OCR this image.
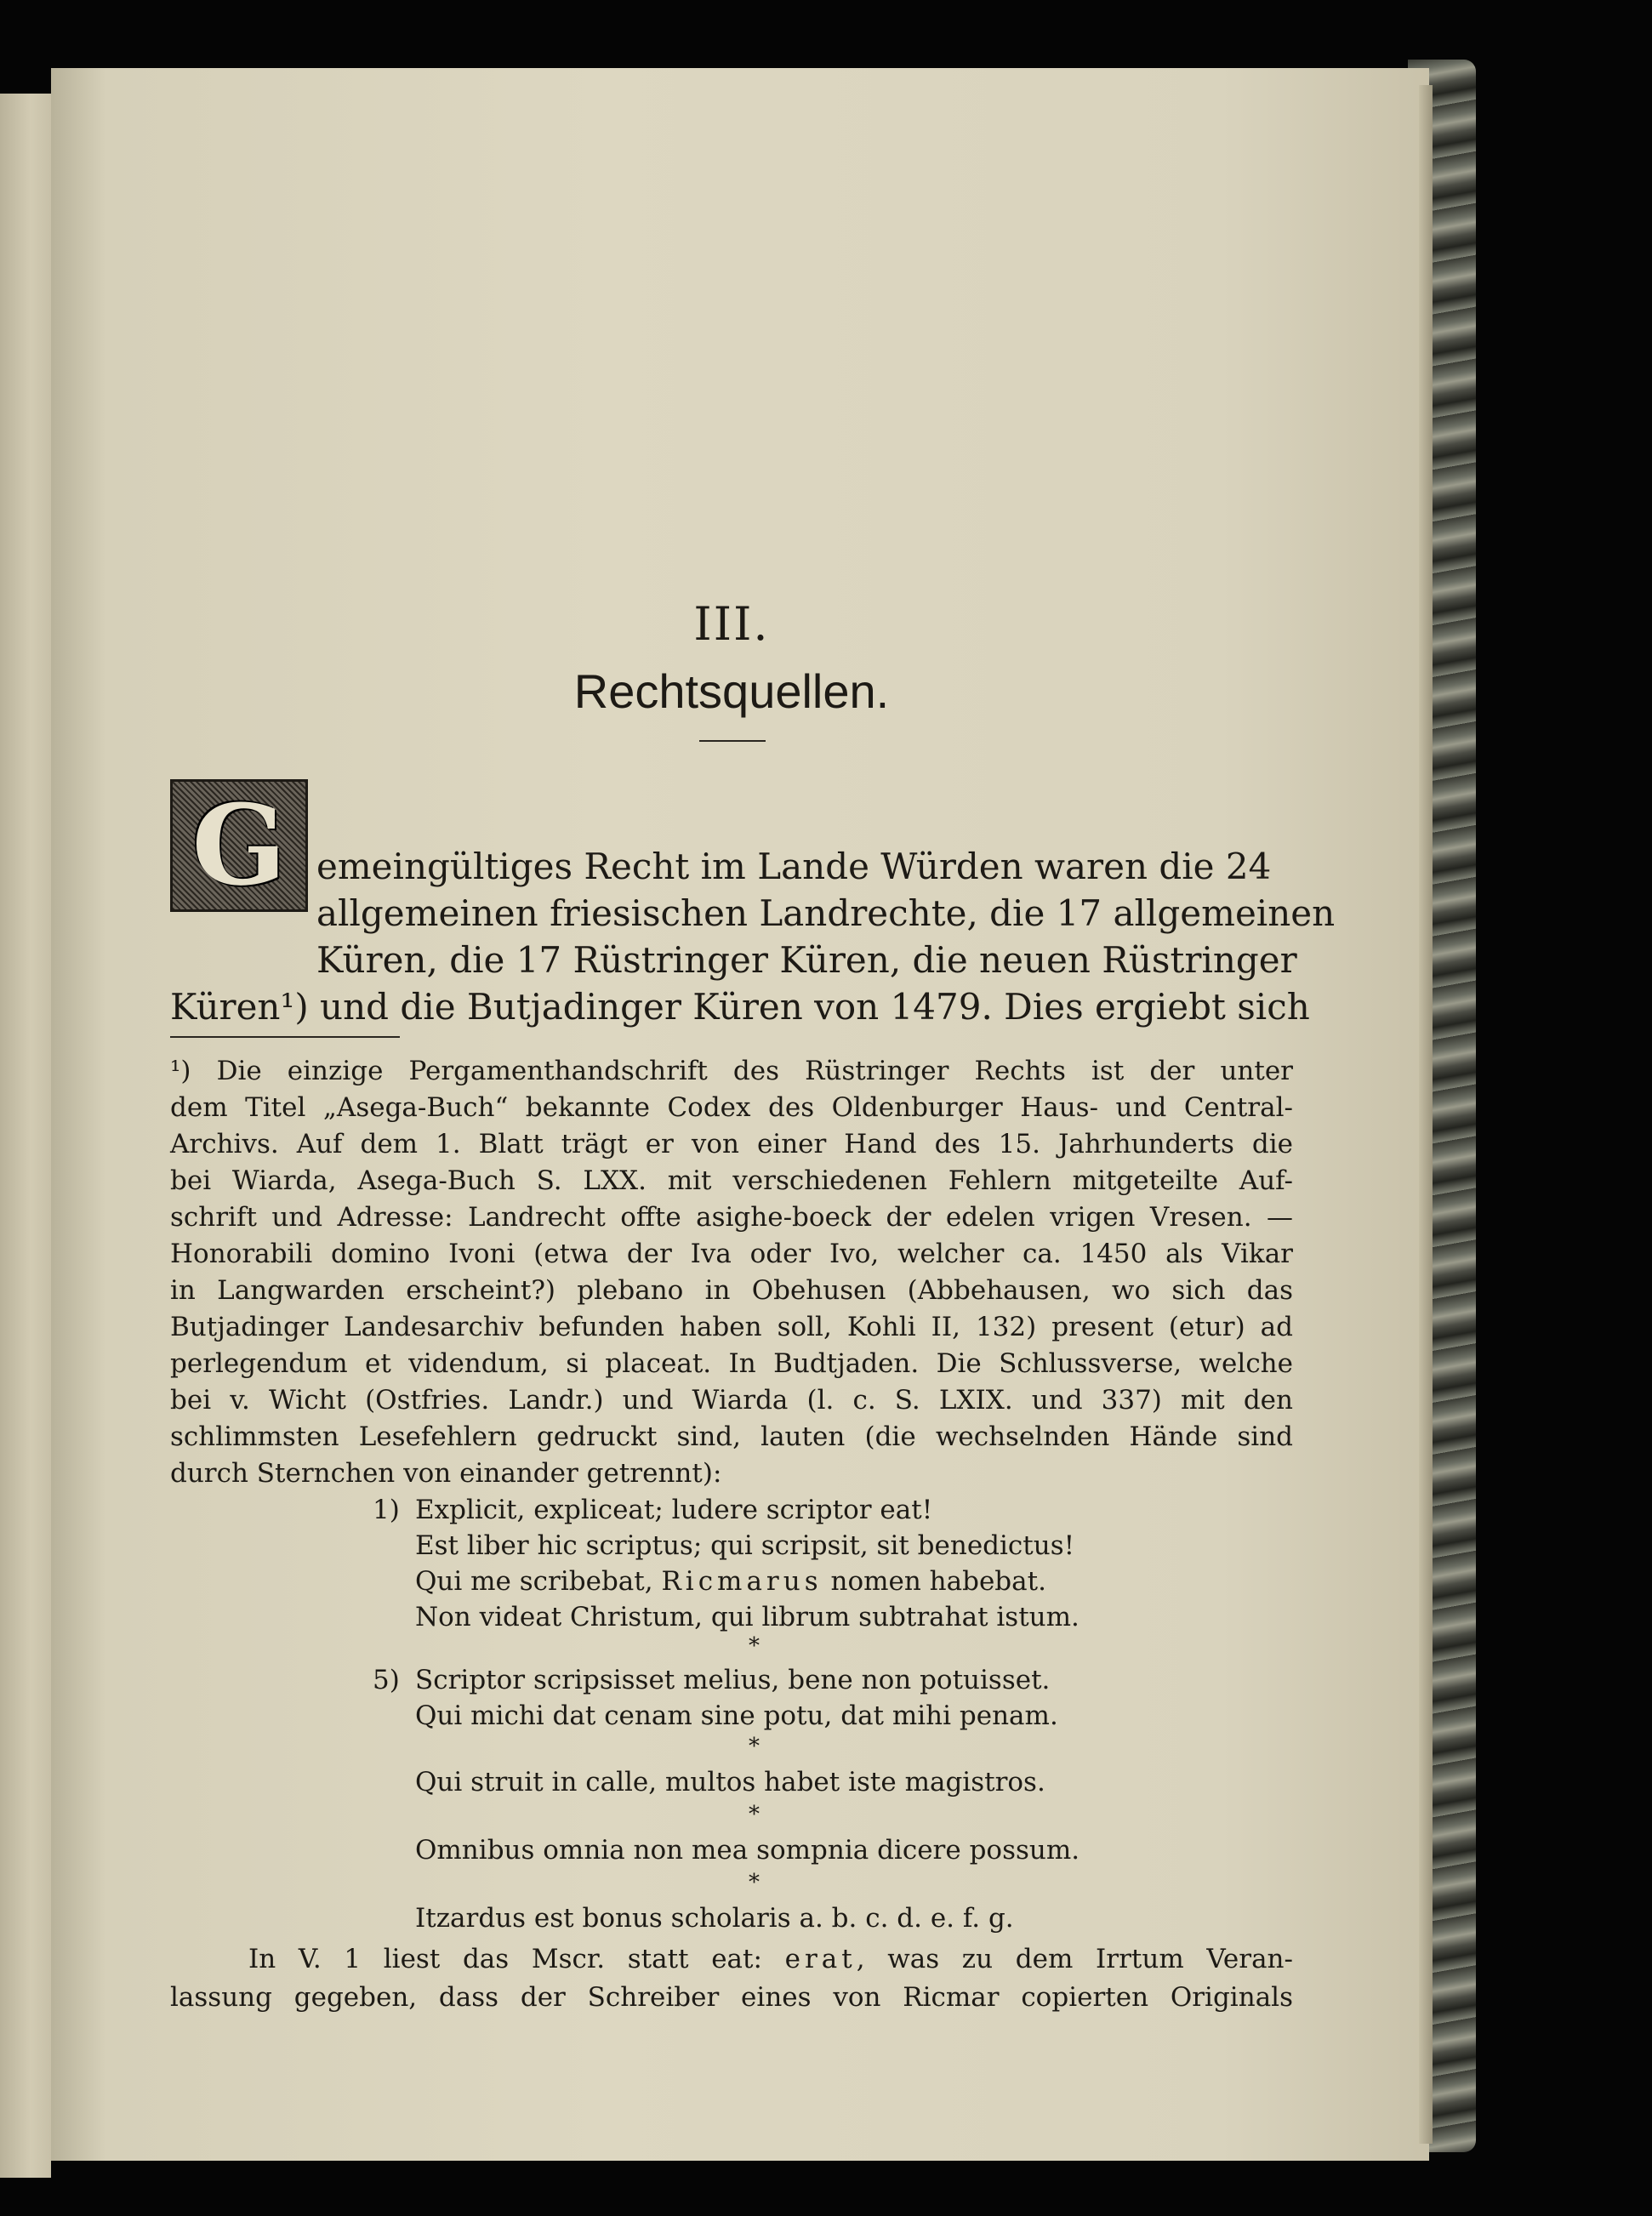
III.
Rechtsquellen.
G emeingültiges Recht im Lande Würden waren die 24
allgemeinen friesischen Landrechte, die 17 allgemeinen
Küren, die 17 Rüstringer Küren, die neuen Rüstringer
Küren¹) und die Butjadinger Küren von 1479. Dies ergiebt sich
¹) Die einzige Pergamenthandschrift des Rüstringer Rechts ist der unter
dem Titel „Asega-Buch“ bekannte Codex des Oldenburger Haus- und Central-
Archivs. Auf dem 1. Blatt trägt er von einer Hand des 15. Jahrhunderts die
bei Wiarda, Asega-Buch S. LXX. mit verschiedenen Fehlern mitgeteilte Auf-
schrift und Adresse: Landrecht offte asighe-boeck der edelen vrigen Vresen. —
Honorabili domino Ivoni (etwa der Iva oder Ivo, welcher ca. 1450 als Vikar
in Langwarden erscheint?) plebano in Obehusen (Abbehausen, wo sich das
Butjadinger Landesarchiv befunden haben soll, Kohli II, 132) present (etur) ad
perlegendum et videndum, si placeat. In Budtjaden. Die Schlussverse, welche
bei v. Wicht (Ostfries. Landr.) und Wiarda (l. c. S. LXIX. und 337) mit den
schlimmsten Lesefehlern gedruckt sind, lauten (die wechselnden Hände sind
durch Sternchen von einander getrennt):
1) Explicit, expliceat; ludere scriptor eat!
Est liber hic scriptus; qui scripsit, sit benedictus!
Qui me scribebat, Ricmarus nomen habebat.
Non videat Christum, qui librum subtrahat istum.
*
5) Scriptor scripsisset melius, bene non potuisset.
Qui michi dat cenam sine potu, dat mihi penam.
*
Qui struit in calle, multos habet iste magistros.
*
Omnibus omnia non mea sompnia dicere possum.
*
Itzardus est bonus scholaris a. b. c. d. e. f. g.
In V. 1 liest das Mscr. statt eat: erat, was zu dem Irrtum Veran-
lassung gegeben, dass der Schreiber eines von Ricmar copierten Originals
